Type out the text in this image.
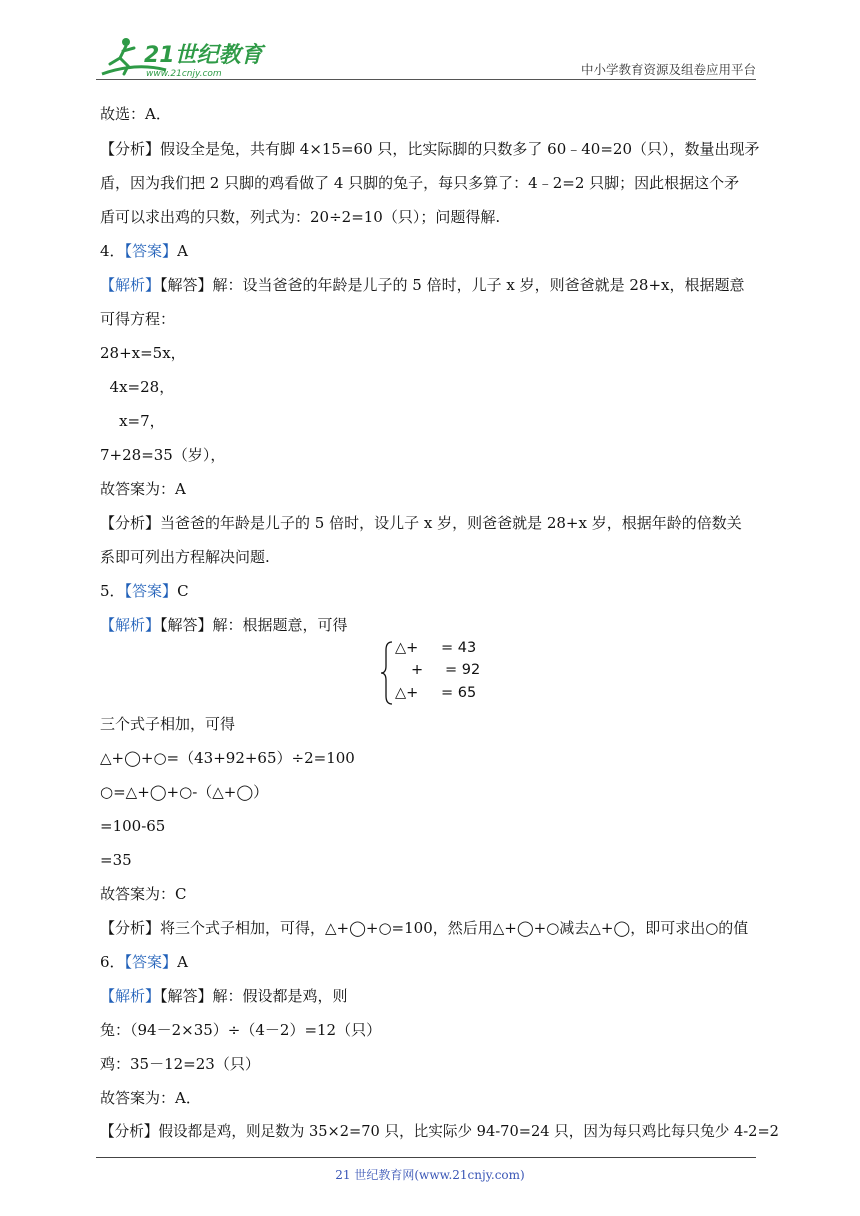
21世纪教育
www.21cnjy.com	中小学教育资源及组卷应用平台
故选：A．
【分析】假设全是兔，共有脚 4×15=60 只，比实际脚的只数多了 60﹣40=20（只），数量出现矛
盾，因为我们把 2 只脚的鸡看做了 4 只脚的兔子，每只多算了：4﹣2=2 只脚；因此根据这个矛
盾可以求出鸡的只数，列式为：20÷2=10（只）；问题得解.
4．【答案】A
【解析】【解答】解：设当爸爸的年龄是儿子的 5 倍时，儿子 x 岁，则爸爸就是 28+x，根据题意
可得方程：
28+x=5x，
4x=28，
x=7，
7+28=35（岁），
故答案为：A
【分析】当爸爸的年龄是儿子的 5 倍时，设儿子 x 岁，则爸爸就是 28+x 岁，根据年龄的倍数关
系即可列出方程解决问题.
5．【答案】C
【解析】【解答】解：根据题意，可得
△+ = 43
+ = 92
△+ = 65
三个式子相加，可得
△+◯+○=（43+92+65）÷2=100
○=△+◯+○-（△+◯）
=100-65
=35
故答案为：C
【分析】将三个式子相加，可得，△+◯+○=100，然后用△+◯+○减去△+◯，即可求出○的值
6．【答案】A
【解析】【解答】解：假设都是鸡，则
兔：（94－2×35）÷（4－2）=12（只）
鸡：35－12=23（只）
故答案为：A．
【分析】假设都是鸡，则足数为 35×2=70 只，比实际少 94-70=24 只，因为每只鸡比每只兔少 4-2=2
21 世纪教育网(www.21cnjy.com)
